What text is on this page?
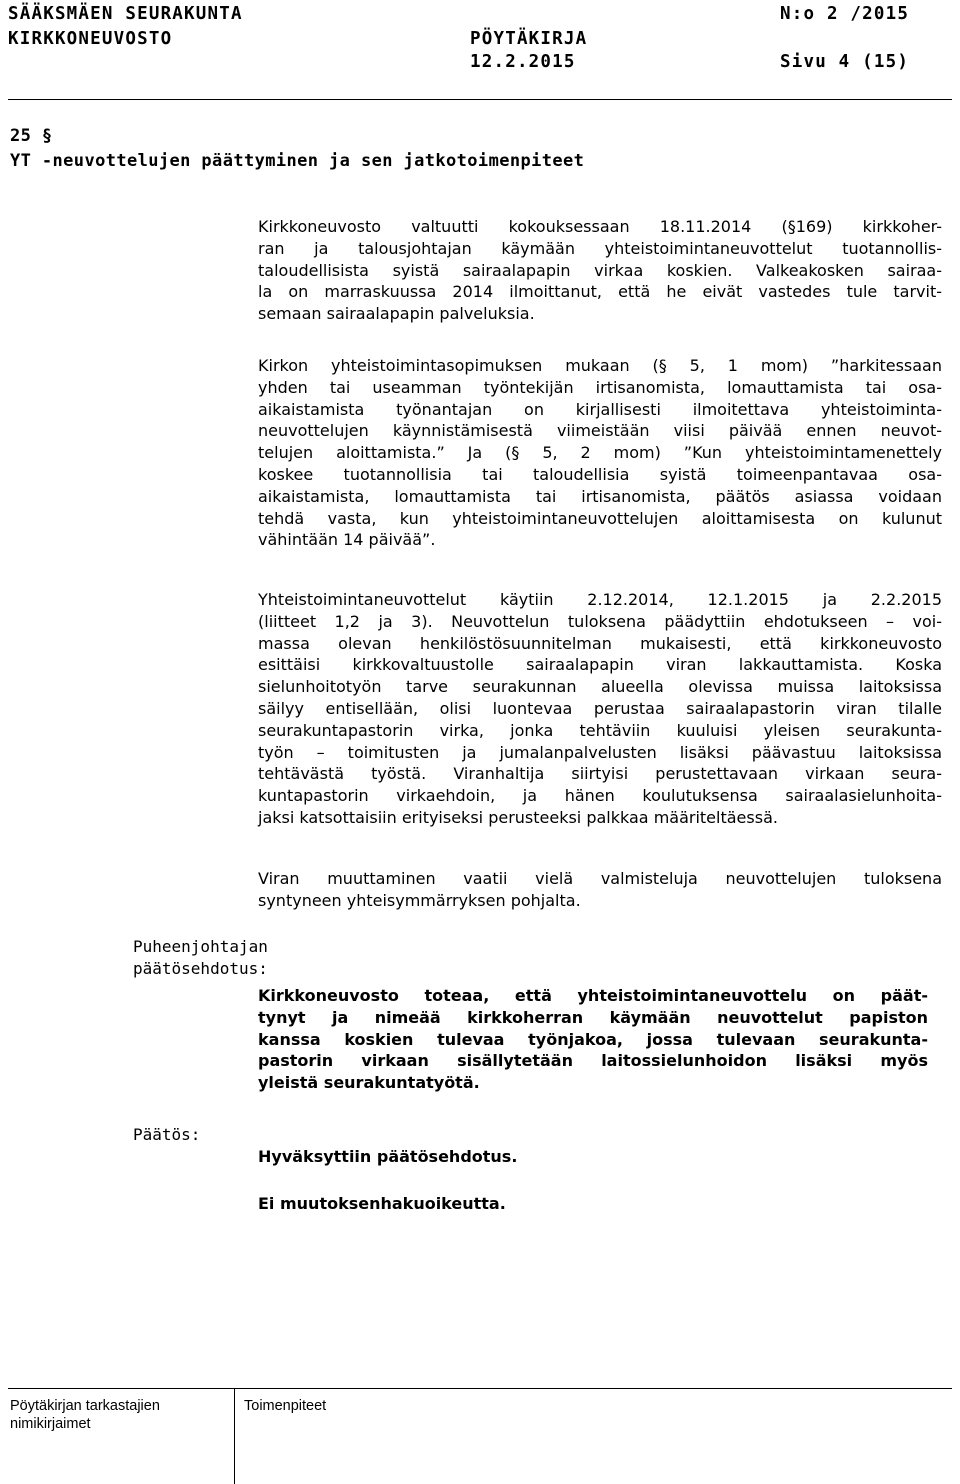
SÄÄKSMÄEN SEURAKUNTA
KIRKKONEUVOSTO	PÖYTÄKIRJA
12.2.2015
N:o 2 /2015
Sivu 4 (15)
25 §
YT -neuvottelujen päättyminen ja sen jatkotoimenpiteet
Kirkkoneuvosto valtuutti kokouksessaan 18.11.2014 (§169) kirkkoher-
ran ja talousjohtajan käymään yhteistoimintaneuvottelut tuotannollis-
taloudellisista syistä sairaalapapin virkaa koskien. Valkeakosken sairaa-
la on marraskuussa 2014 ilmoittanut, että he eivät vastedes tule tarvit-
semaan sairaalapapin palveluksia.
Kirkon yhteistoimintasopimuksen mukaan (§ 5, 1 mom) ”harkitessaan
yhden tai useamman työntekijän irtisanomista, lomauttamista tai osa-
aikaistamista työnantajan on kirjallisesti ilmoitettava yhteistoiminta-
neuvottelujen käynnistämisestä viimeistään viisi päivää ennen neuvot-
telujen aloittamista.” Ja (§ 5, 2 mom) ”Kun yhteistoimintamenettely
koskee tuotannollisia tai taloudellisia syistä toimeenpantavaa osa-
aikaistamista, lomauttamista tai irtisanomista, päätös asiassa voidaan
tehdä vasta, kun yhteistoimintaneuvottelujen aloittamisesta on kulunut
vähintään 14 päivää”.
Yhteistoimintaneuvottelut käytiin 2.12.2014, 12.1.2015 ja 2.2.2015
(liitteet 1,2 ja 3). Neuvottelun tuloksena päädyttiin ehdotukseen – voi-
massa olevan henkilöstösuunnitelman mukaisesti, että kirkkoneuvosto
esittäisi kirkkovaltuustolle sairaalapapin viran lakkauttamista. Koska
sielunhoitotyön tarve seurakunnan alueella olevissa muissa laitoksissa
säilyy entisellään, olisi luontevaa perustaa sairaalapastorin viran tilalle
seurakuntapastorin virka, jonka tehtäviin kuuluisi yleisen seurakunta-
työn – toimitusten ja jumalanpalvelusten lisäksi päävastuu laitoksissa
tehtävästä työstä. Viranhaltija siirtyisi perustettavaan virkaan seura-
kuntapastorin virkaehdoin, ja hänen koulutuksensa sairaalasielunhoita-
jaksi katsottaisiin erityiseksi perusteeksi palkkaa määriteltäessä.
Viran muuttaminen vaatii vielä valmisteluja neuvottelujen tuloksena
syntyneen yhteisymmärryksen pohjalta.
Puheenjohtajan
päätösehdotus:
Kirkkoneuvosto toteaa, että yhteistoimintaneuvottelu on päät-
tynyt ja nimeää kirkkoherran käymään neuvottelut papiston
kanssa koskien tulevaa työnjakoa, jossa tulevaan seurakunta-
pastorin virkaan sisällytetään laitossielunhoidon lisäksi myös
yleistä seurakuntatyötä.
Päätös:
Hyväksyttiin päätösehdotus.
Ei muutoksenhakuoikeutta.
Pöytäkirjan tarkastajien
nimikirjaimet
Toimenpiteet
